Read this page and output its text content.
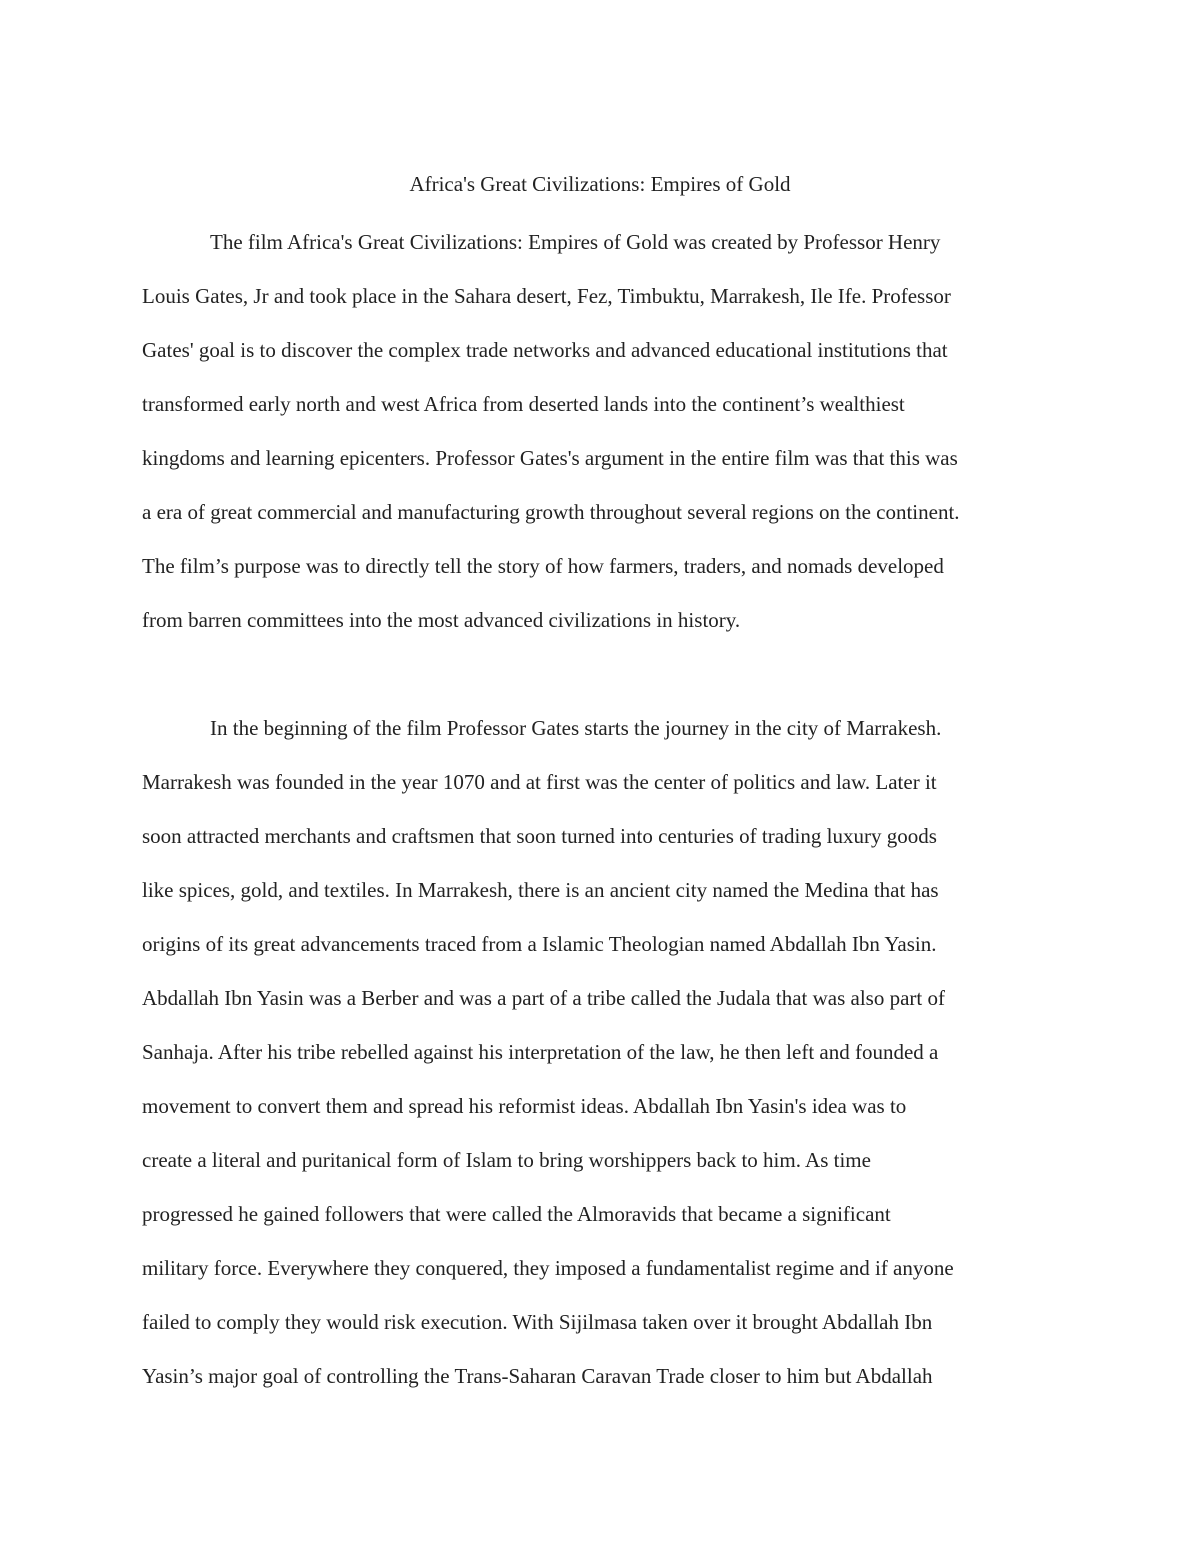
Africa's Great Civilizations: Empires of Gold
The film Africa's Great Civilizations: Empires of Gold was created by Professor Henry
Louis Gates, Jr and took place in the Sahara desert, Fez, Timbuktu, Marrakesh, Ile Ife. Professor
Gates' goal is to discover the complex trade networks and advanced educational institutions that
transformed early north and west Africa from deserted lands into the continent’s wealthiest
kingdoms and learning epicenters. Professor Gates's argument in the entire film was that this was
a era of great commercial and manufacturing growth throughout several regions on the continent.
The film’s purpose was to directly tell the story of how farmers, traders, and nomads developed
from barren committees into the most advanced civilizations in history.
In the beginning of the film Professor Gates starts the journey in the city of Marrakesh.
Marrakesh was founded in the year 1070 and at first was the center of politics and law. Later it
soon attracted merchants and craftsmen that soon turned into centuries of trading luxury goods
like spices, gold, and textiles. In Marrakesh, there is an ancient city named the Medina that has
origins of its great advancements traced from a Islamic Theologian named Abdallah Ibn Yasin.
Abdallah Ibn Yasin was a Berber and was a part of a tribe called the Judala that was also part of
Sanhaja. After his tribe rebelled against his interpretation of the law, he then left and founded a
movement to convert them and spread his reformist ideas. Abdallah Ibn Yasin's idea was to
create a literal and puritanical form of Islam to bring worshippers back to him. As time
progressed he gained followers that were called the Almoravids that became a significant
military force. Everywhere they conquered, they imposed a fundamentalist regime and if anyone
failed to comply they would risk execution. With Sijilmasa taken over it brought Abdallah Ibn
Yasin’s major goal of controlling the Trans-Saharan Caravan Trade closer to him but Abdallah
